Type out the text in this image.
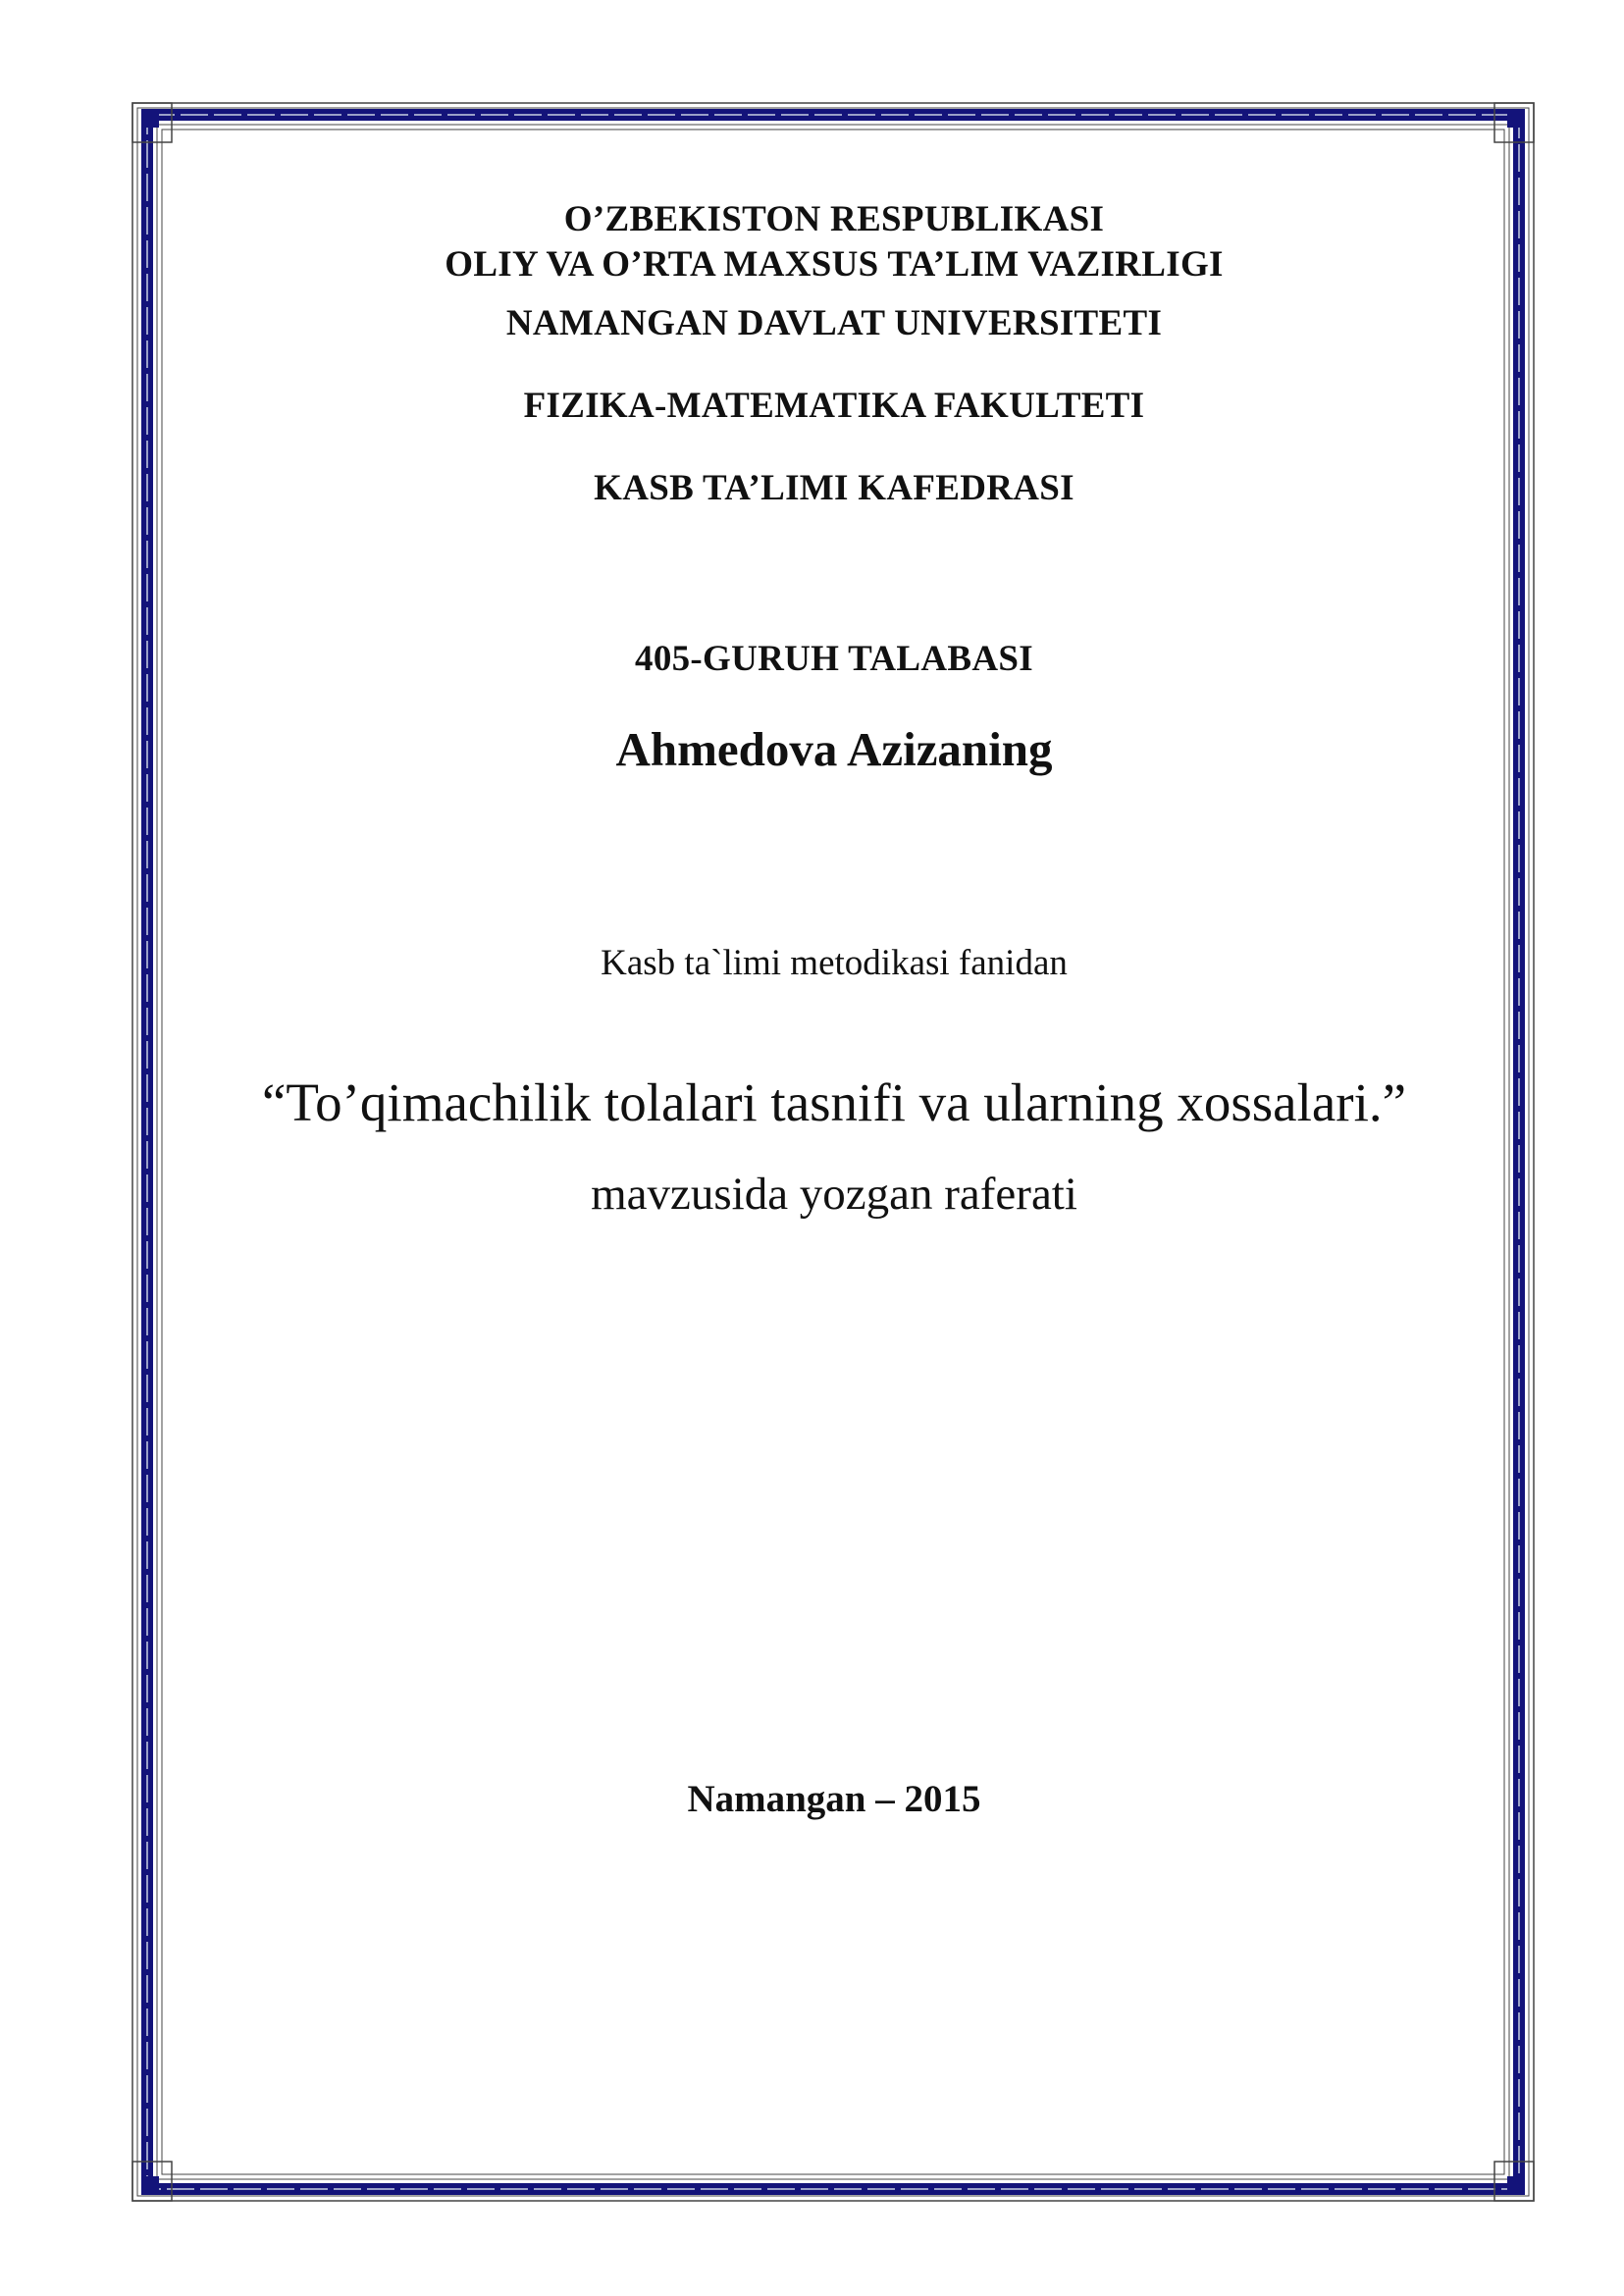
O’ZBEKISTON RESPUBLIKASI
OLIY VA O’RTA MAXSUS TA’LIM VAZIRLIGI
NAMANGAN DAVLAT UNIVERSITETI
FIZIKA-MATEMATIKA FAKULTETI
KASB TA’LIMI KAFEDRASI
405-GURUH TALABASI
Ahmedova Azizaning
Kasb ta`limi metodikasi fanidan
“To’qimachilik tolalari tasnifi va ularning xossalari.”
mavzusida yozgan raferati
Namangan – 2015
